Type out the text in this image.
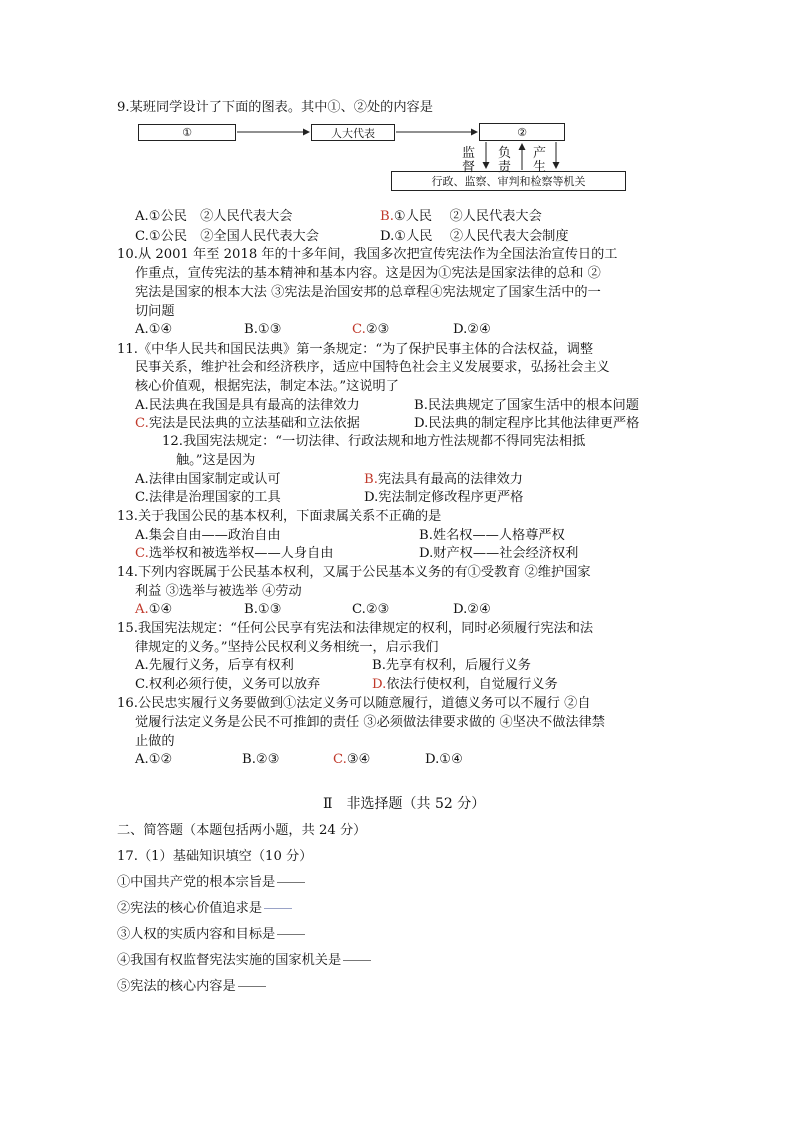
9.某班同学设计了下面的图表。其中①、②处的内容是
①	人大代表	②
行政、监察、审判和检察等机关
监
督
负
责
产
生
A.①公民　②人民代表大会	B.①人民　 ②人民代表大会
C.①公民　②全国人民代表大会	D.①人民　 ②人民代表大会制度
10.从 2001 年至 2018 年的十多年间，我国多次把宣传宪法作为全国法治宣传日的工
作重点，宣传宪法的基本精神和基本内容。这是因为①宪法是国家法律的总和 ②
宪法是国家的根本大法 ③宪法是治国安邦的总章程④宪法规定了国家生活中的一
切问题
A.①④	B.①③	C.②③	D.②④
11.《中华人民共和国民法典》第一条规定：“为了保护民事主体的合法权益，调整
民事关系，维护社会和经济秩序，适应中国特色社会主义发展要求，弘扬社会主义
核心价值观，根据宪法，制定本法。”这说明了
A.民法典在我国是具有最高的法律效力	B.民法典规定了国家生活中的根本问题
C.宪法是民法典的立法基础和立法依据	D.民法典的制定程序比其他法律更严格
12.我国宪法规定：“一切法律、行政法规和地方性法规都不得同宪法相抵
触。”这是因为
A.法律由国家制定或认可	B.宪法具有最高的法律效力
C.法律是治理国家的工具	D.宪法制定修改程序更严格
13.关于我国公民的基本权利，下面隶属关系不正确的是
A.集会自由——政治自由	B.姓名权——人格尊严权
C.选举权和被选举权——人身自由	D.财产权——社会经济权利
14.下列内容既属于公民基本权利，又属于公民基本义务的有①受教育 ②维护国家
利益 ③选举与被选举 ④劳动
A.①④	B.①③	C.②③	D.②④
15.我国宪法规定：“任何公民享有宪法和法律规定的权利，同时必须履行宪法和法
律规定的义务。”坚持公民权利义务相统一，启示我们
A.先履行义务，后享有权利	B.先享有权利，后履行义务
C.权利必须行使，义务可以放弃	D.依法行使权利，自觉履行义务
16.公民忠实履行义务要做到①法定义务可以随意履行，道德义务可以不履行 ②自
觉履行法定义务是公民不可推卸的责任 ③必须做法律要求做的 ④坚决不做法律禁
止做的
A.①②	B.②③	C.③④	D.①④
Ⅱ　非选择题（共 52 分）
二、简答题（本题包括两小题，共 24 分）
17.（1）基础知识填空（10 分）
①中国共产党的根本宗旨是
②宪法的核心价值追求是
③人权的实质内容和目标是
④我国有权监督宪法实施的国家机关是
⑤宪法的核心内容是
